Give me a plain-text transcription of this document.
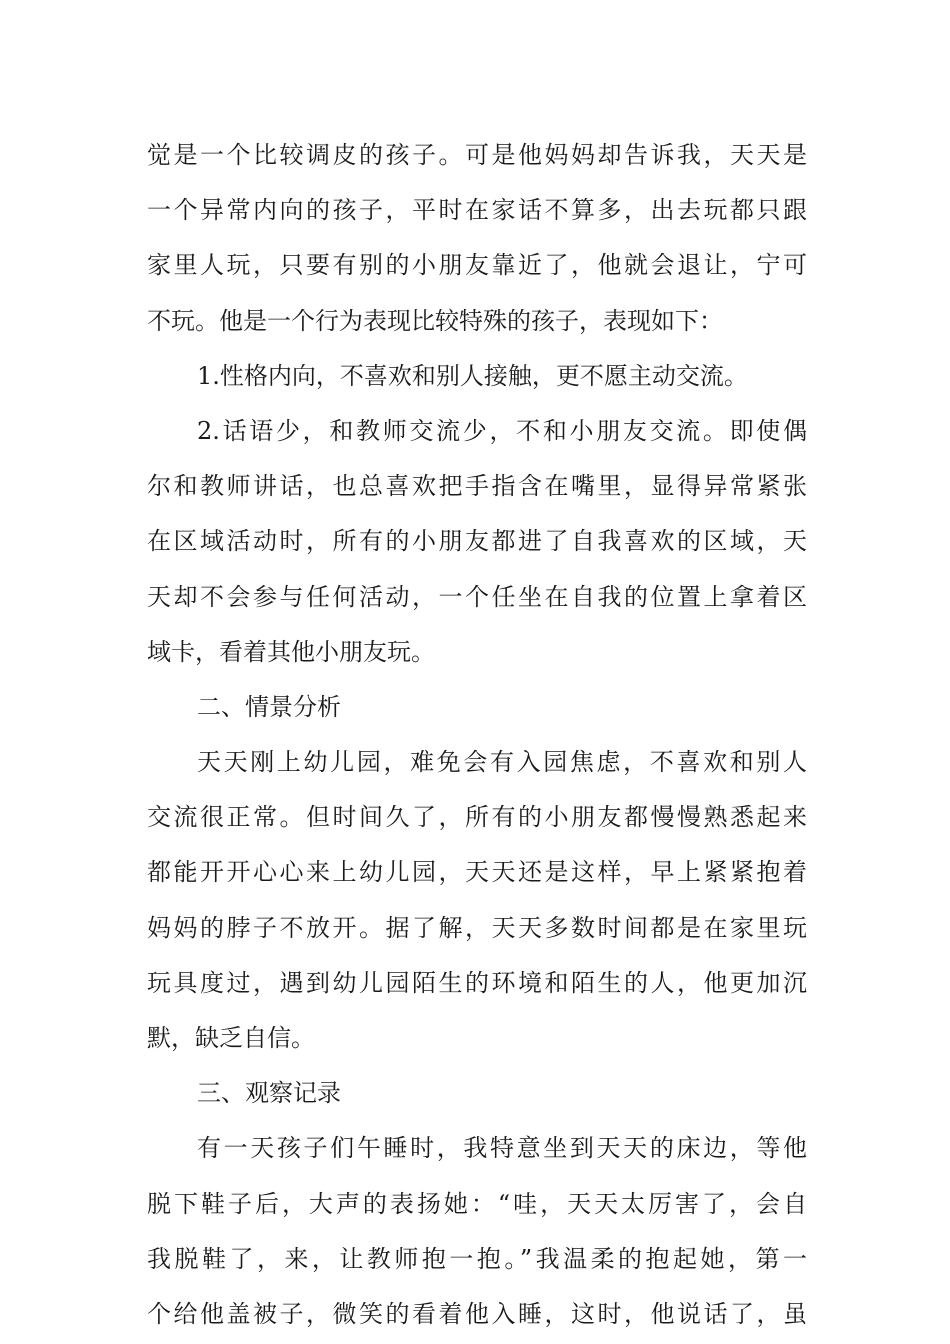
觉是一个比较调皮的孩子。可是他妈妈却告诉我，天天是
一个异常内向的孩子，平时在家话不算多，出去玩都只跟
家里人玩，只要有别的小朋友靠近了，他就会退让，宁可
不玩。他是一个行为表现比较特殊的孩子，表现如下：
1.性格内向，不喜欢和别人接触，更不愿主动交流。
2.话语少，和教师交流少，不和小朋友交流。即使偶
尔和教师讲话，也总喜欢把手指含在嘴里，显得异常紧张
在区域活动时，所有的小朋友都进了自我喜欢的区域，天
天却不会参与任何活动，一个任坐在自我的位置上拿着区
域卡，看着其他小朋友玩。
二、情景分析
天天刚上幼儿园，难免会有入园焦虑，不喜欢和别人
交流很正常。但时间久了，所有的小朋友都慢慢熟悉起来
都能开开心心来上幼儿园，天天还是这样，早上紧紧抱着
妈妈的脖子不放开。据了解，天天多数时间都是在家里玩
玩具度过，遇到幼儿园陌生的环境和陌生的人，他更加沉
默，缺乏自信。
三、观察记录
有一天孩子们午睡时，我特意坐到天天的床边，等他
脱下鞋子后，大声的表扬她：“哇，天天太厉害了，会自
我脱鞋了，来，让教师抱一抱。”我温柔的抱起她，第一
个给他盖被子，微笑的看着他入睡，这时，他说话了，虽
